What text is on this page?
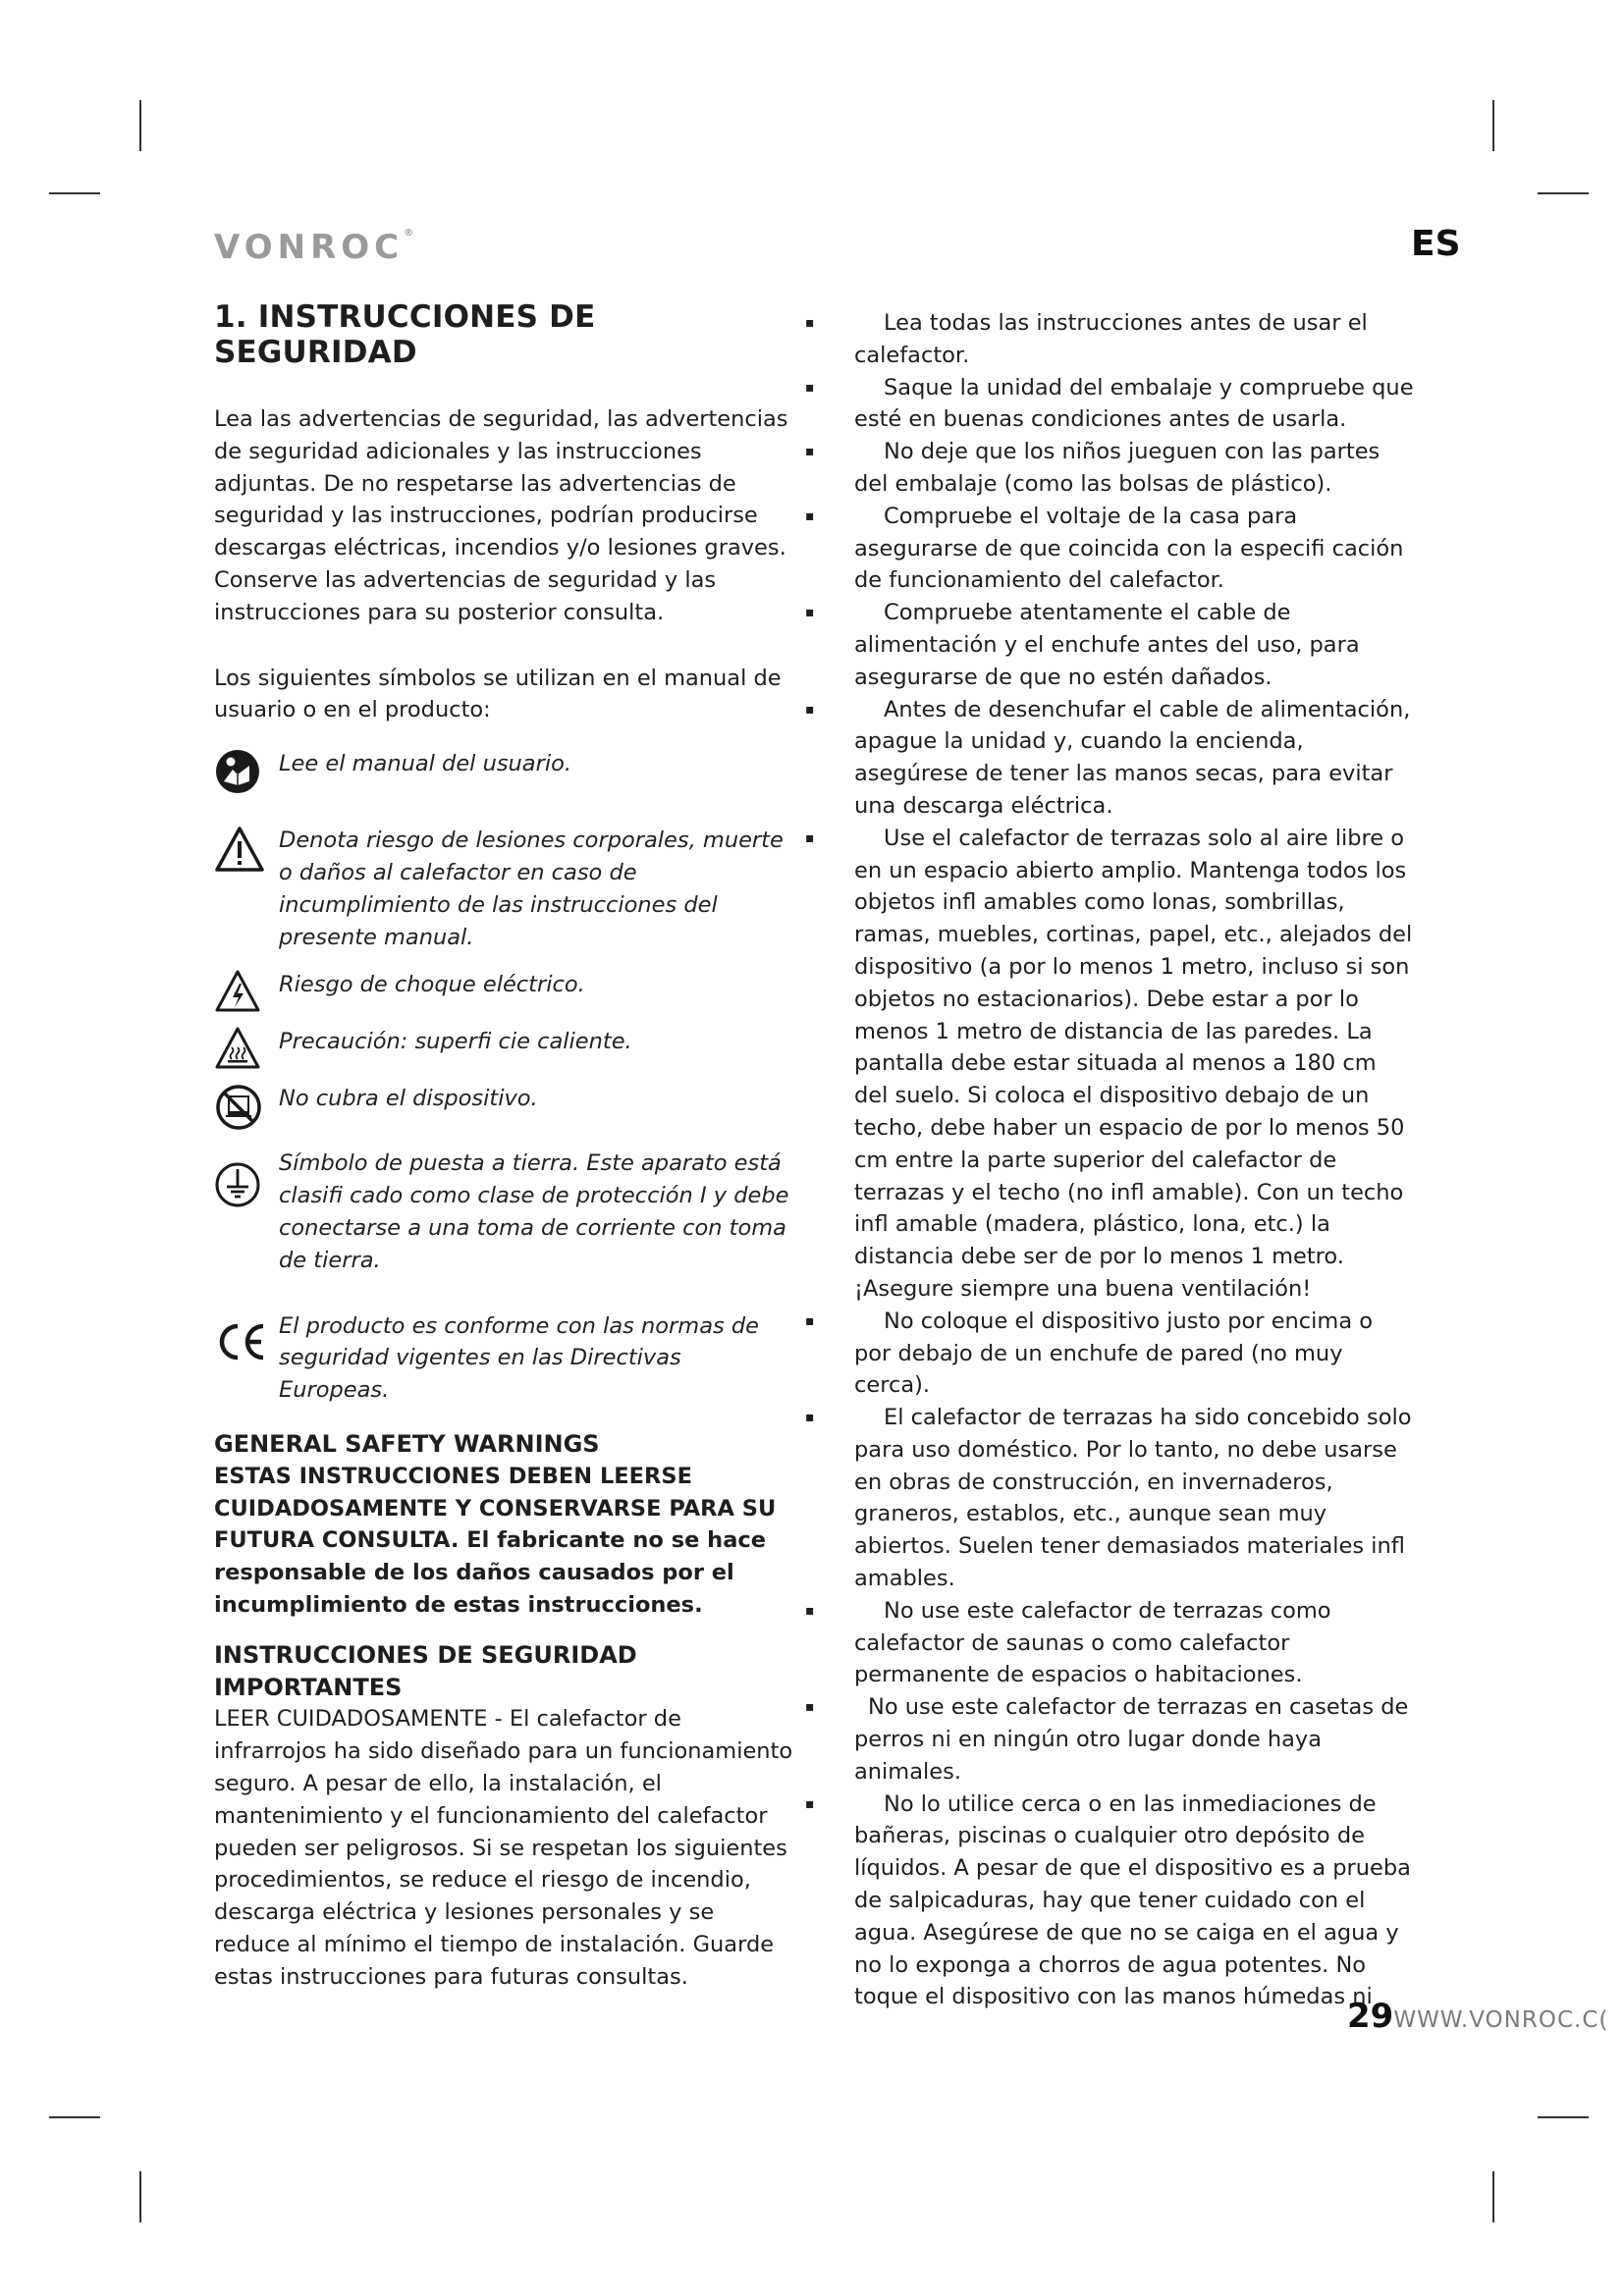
VONROC®	ES
1. INSTRUCCIONES DE SEGURIDAD

Lea las advertencias de seguridad, las advertencias de seguridad adicionales y las instrucciones adjuntas. De no respetarse las advertencias de seguridad y las instrucciones, podrían producirse descargas eléctricas, incendios y/o lesiones graves. Conserve las advertencias de seguridad y las instrucciones para su posterior consulta.

Los siguientes símbolos se utilizan en el manual de usuario o en el producto:

Lee el manual del usuario.
Denota riesgo de lesiones corporales, muerte o daños al calefactor en caso de incumplimiento de las instrucciones del presente manual.
Riesgo de choque eléctrico.
Precaución: superfi cie caliente.
No cubra el dispositivo.
Símbolo de puesta a tierra. Este aparato está clasifi cado como clase de protección I y debe conectarse a una toma de corriente con toma de tierra.
El producto es conforme con las normas de seguridad vigentes en las Directivas Europeas.
GENERAL SAFETY WARNINGS

ESTAS INSTRUCCIONES DEBEN LEERSE CUIDADOSAMENTE Y CONSERVARSE PARA SU FUTURA CONSULTA. El fabricante no se hace responsable de los daños causados por el incumplimiento de estas instrucciones.

INSTRUCCIONES DE SEGURIDAD IMPORTANTES

LEER CUIDADOSAMENTE - El calefactor de infrarrojos ha sido diseñado para un funcionamiento seguro. A pesar de ello, la instalación, el mantenimiento y el funcionamiento del calefactor pueden ser peligrosos. Si se respetan los siguientes procedimientos, se reduce el riesgo de incendio, descarga eléctrica y lesiones personales y se reduce al mínimo el tiempo de instalación. Guarde estas instrucciones para futuras consultas.

▪ Lea todas las instrucciones antes de usar el calefactor.
▪ Saque la unidad del embalaje y compruebe que esté en buenas condiciones antes de usarla.
▪ No deje que los niños jueguen con las partes del embalaje (como las bolsas de plástico).
▪ Compruebe el voltaje de la casa para asegurarse de que coincida con la especifi cación de funcionamiento del calefactor.
▪ Compruebe atentamente el cable de alimentación y el enchufe antes del uso, para asegurarse de que no estén dañados.
▪ Antes de desenchufar el cable de alimentación, apague la unidad y, cuando la encienda, asegúrese de tener las manos secas, para evitar una descarga eléctrica.
▪ Use el calefactor de terrazas solo al aire libre o en un espacio abierto amplio. Mantenga todos los objetos infl amables como lonas, sombrillas, ramas, muebles, cortinas, papel, etc., alejados del dispositivo (a por lo menos 1 metro, incluso si son objetos no estacionarios). Debe estar a por lo menos 1 metro de distancia de las paredes. La pantalla debe estar situada al menos a 180 cm del suelo. Si coloca el dispositivo debajo de un techo, debe haber un espacio de por lo menos 50 cm entre la parte superior del calefactor de terrazas y el techo (no infl amable). Con un techo infl amable (madera, plástico, lona, etc.) la distancia debe ser de por lo menos 1 metro. ¡Asegure siempre una buena ventilación!
▪ No coloque el dispositivo justo por encima o por debajo de un enchufe de pared (no muy cerca).
▪ El calefactor de terrazas ha sido concebido solo para uso doméstico. Por lo tanto, no debe usarse en obras de construcción, en invernaderos, graneros, establos, etc., aunque sean muy abiertos. Suelen tener demasiados materiales infl amables.
▪ No use este calefactor de terrazas como calefactor de saunas o como calefactor permanente de espacios o habitaciones.
▪ No use este calefactor de terrazas en casetas de perros ni en ningún otro lugar donde haya animales.
▪ No lo utilice cerca o en las inmediaciones de bañeras, piscinas o cualquier otro depósito de líquidos. A pesar de que el dispositivo es a prueba de salpicaduras, hay que tener cuidado con el agua. Asegúrese de que no se caiga en el agua y no lo exponga a chorros de agua potentes. No toque el dispositivo con las manos húmedas ni
29WWW.VONROC.C(
